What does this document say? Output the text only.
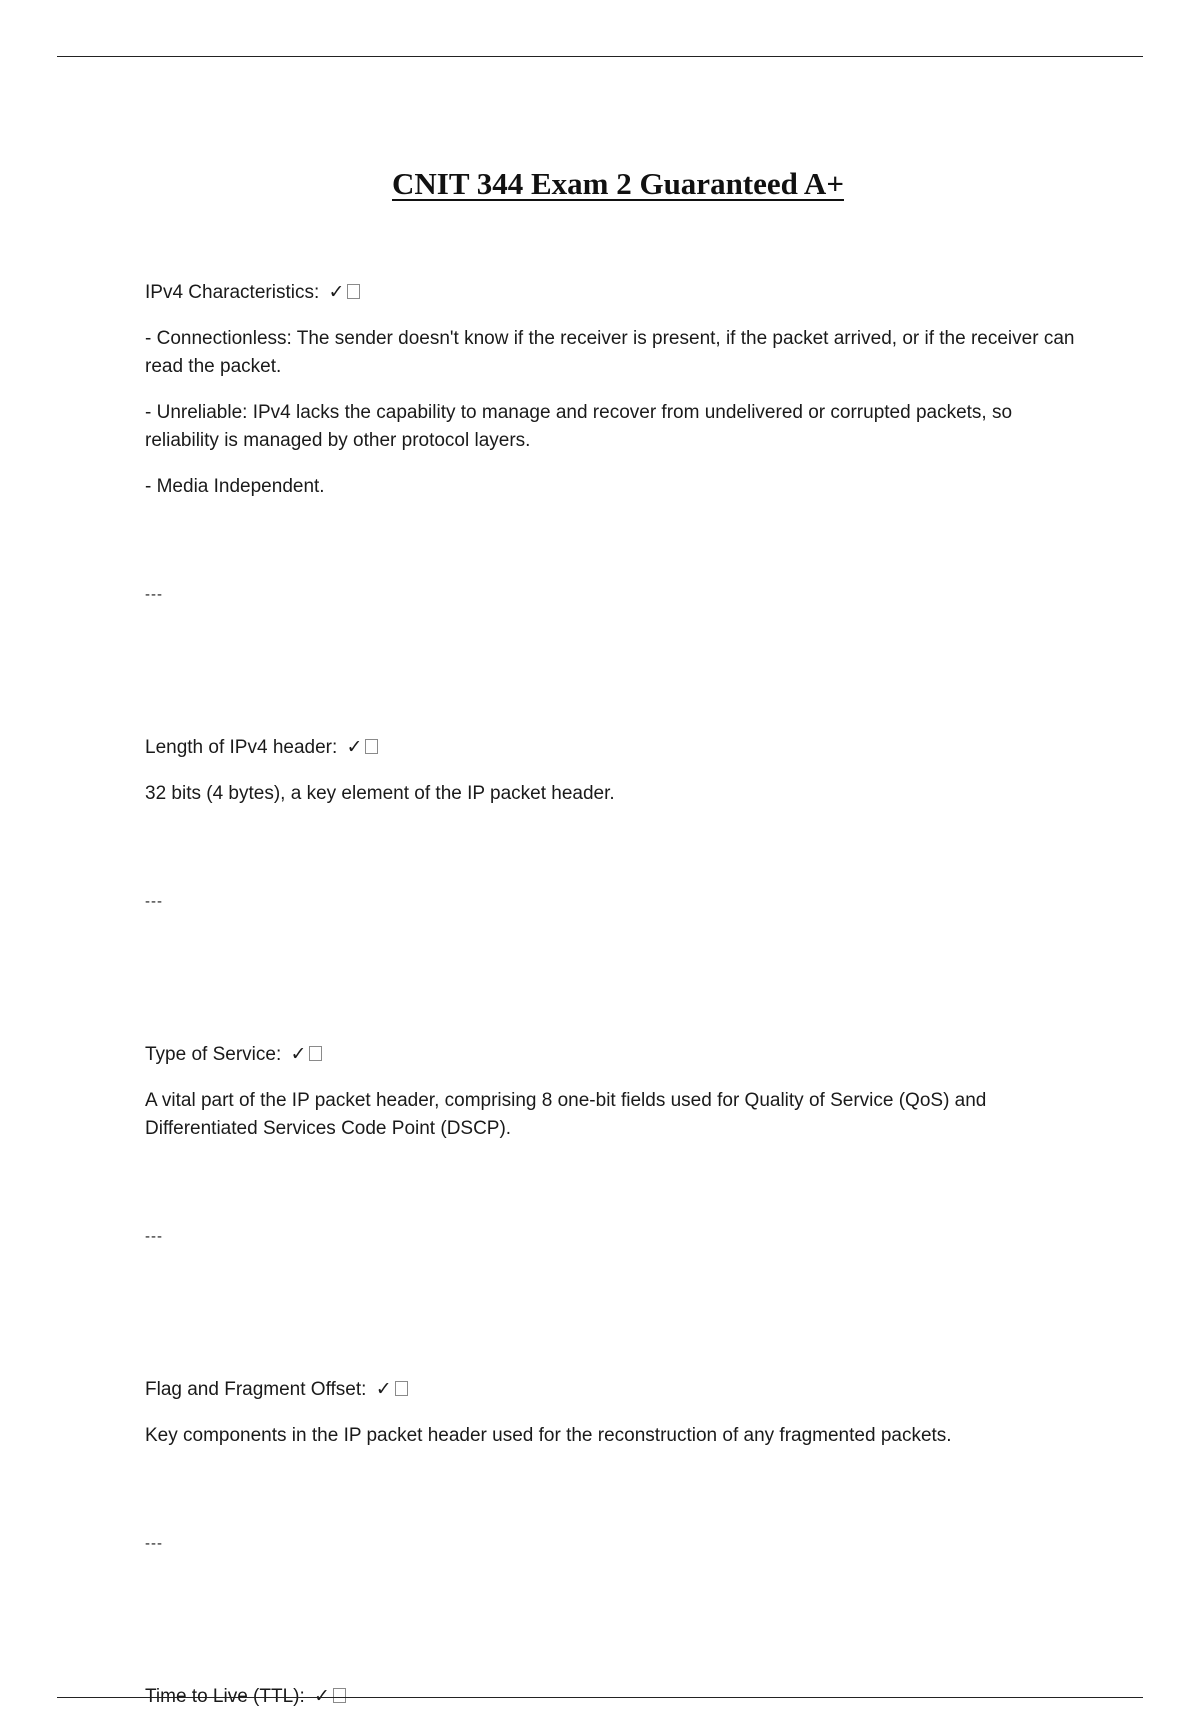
CNIT 344 Exam 2 Guaranteed A+

IPv4 Characteristics: ✓

- Connectionless: The sender doesn't know if the receiver is present, if the packet arrived, or if the receiver can read the packet.

- Unreliable: IPv4 lacks the capability to manage and recover from undelivered or corrupted packets, so reliability is managed by other protocol layers.

- Media Independent.

---

Length of IPv4 header: ✓

32 bits (4 bytes), a key element of the IP packet header.

---

Type of Service: ✓

A vital part of the IP packet header, comprising 8 one-bit fields used for Quality of Service (QoS) and Differentiated Services Code Point (DSCP).

---

Flag and Fragment Offset: ✓

Key components in the IP packet header used for the reconstruction of any fragmented packets.

---

Time to Live (TTL): ✓
